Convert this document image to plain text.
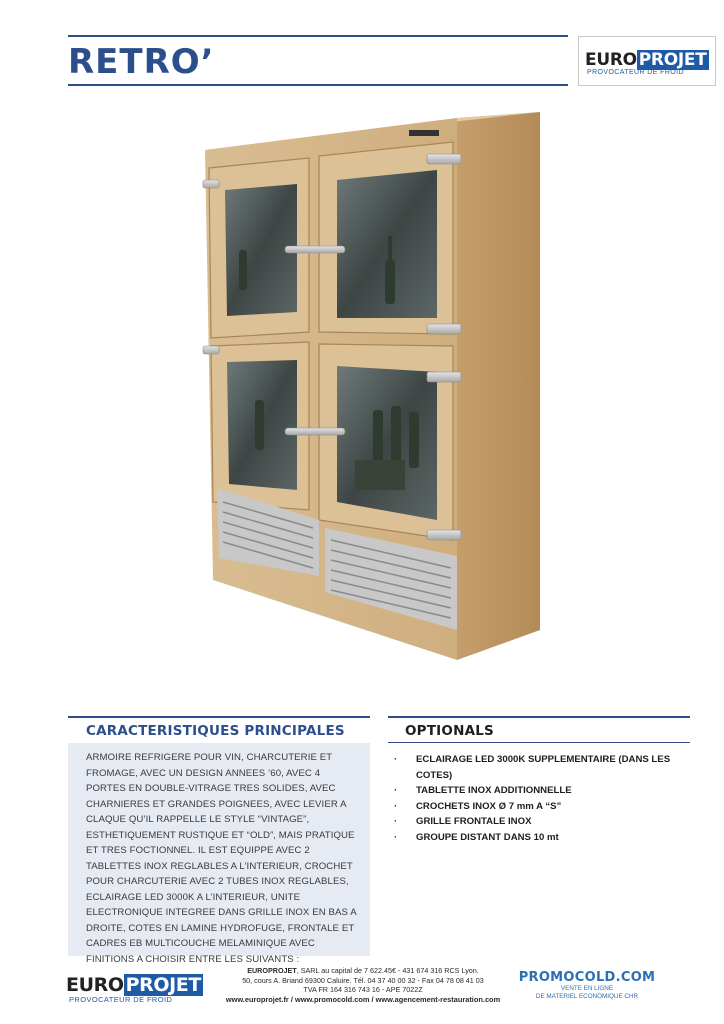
RETRO’	EURO PROJET
PROVOCATEUR DE FROID
CARACTERISTIQUES PRINCIPALES	OPTIONALS
ARMOIRE REFRIGERE POUR VIN, CHARCUTERIE ET FROMAGE, AVEC UN DESIGN ANNEES ’60, AVEC 4 PORTES EN DOUBLE-VITRAGE TRES SOLIDES, AVEC CHARNIERES ET GRANDES POIGNEES, AVEC LEVIER A CLAQUE QU’IL RAPPELLE LE STYLE “VINTAGE”, ESTHETIQUEMENT RUSTIQUE ET “OLD”, MAIS PRATIQUE ET TRES FOCTIONNEL. IL EST EQUIPPE AVEC 2 TABLETTES INOX REGLABLES A L’INTERIEUR, CROCHET POUR CHARCUTERIE AVEC 2 TUBES INOX REGLABLES, ECLAIRAGE LED 3000K A L’INTERIEUR, UNITE ELECTRONIQUE INTEGREE DANS GRILLE INOX EN BAS A DROITE, COTES EN LAMINE HYDROFUGE, FRONTALE ET CADRES EB MULTICOUCHE MELAMINIQUE AVEC FINITIONS A CHOISIR ENTRE LES SUIVANTS :
· ECLAIRAGE LED 3000K SUPPLEMENTAIRE (DANS LES COTES)
· TABLETTE INOX ADDITIONNELLE
· CROCHETS INOX Ø 7 mm A “S”
· GRILLE FRONTALE INOX
· GROUPE DISTANT DANS 10 mt
EURO PROJET
PROVOCATEUR DE FROID
EUROPROJET, SARL au capital de 7 622.45€ - 431 674 316 RCS Lyon.
50, cours A. Briand 69300 Caluire. Tél. 04 37 40 00 32 - Fax 04 78 08 41 03
TVA FR 164 316 743 16 - APE 7022Z
www.europrojet.fr / www.promocold.com / www.agencement-restauration.com
PROMOCOLD.COM
VENTE EN LIGNE
DE MATERIEL ECONOMIQUE CHR
